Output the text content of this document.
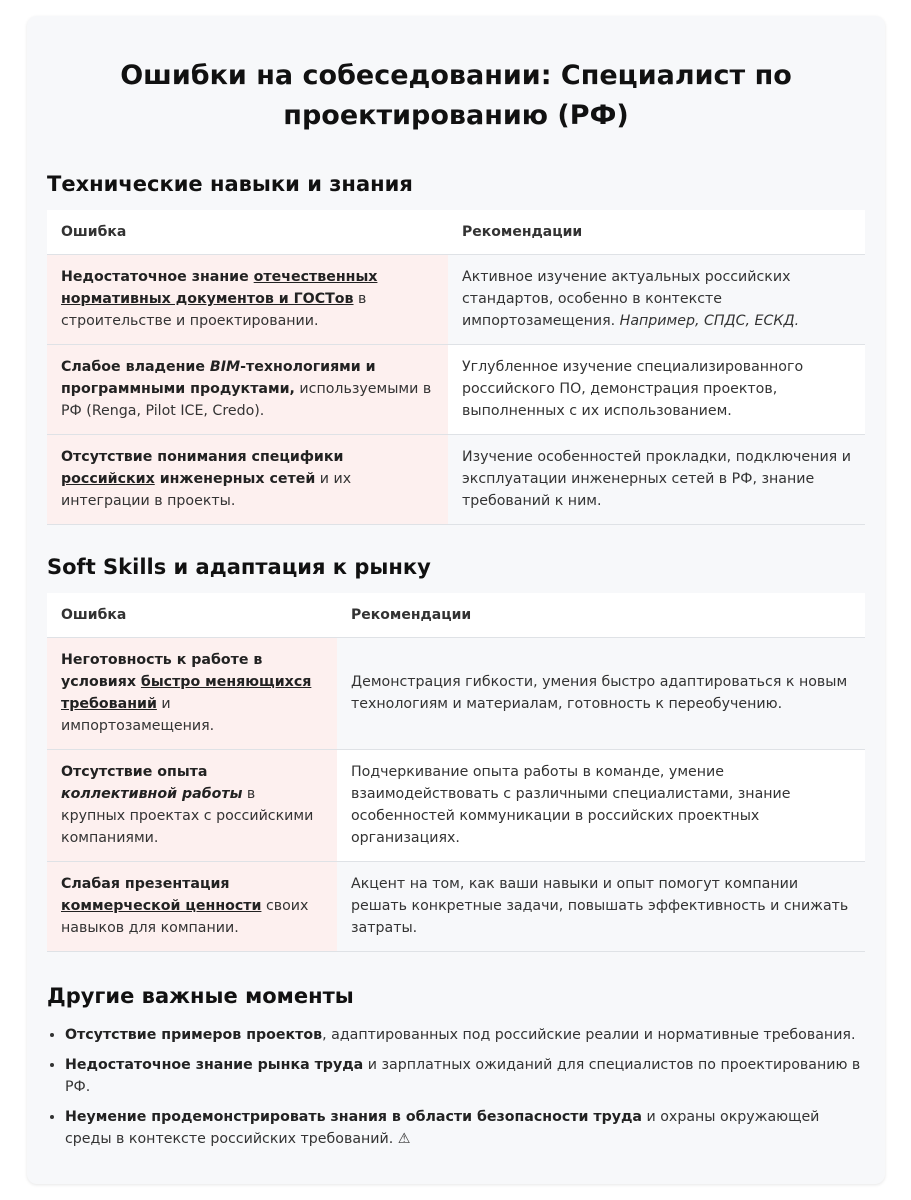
Ошибки на собеседовании: Специалист по проектированию (РФ)
Технические навыки и знания
Ошибка	Рекомендации
Недостаточное знание отечественных нормативных документов и ГОСТов в строительстве и проектировании.	Активное изучение актуальных российских стандартов, особенно в контексте импортозамещения. Например, СПДС, ЕСКД.
Слабое владение BIM-технологиями и программными продуктами, используемыми в РФ (Renga, Pilot ICE, Credo).	Углубленное изучение специализированного российского ПО, демонстрация проектов, выполненных с их использованием.
Отсутствие понимания специфики российских инженерных сетей и их интеграции в проекты.	Изучение особенностей прокладки, подключения и эксплуатации инженерных сетей в РФ, знание требований к ним.
Soft Skills и адаптация к рынку
Ошибка	Рекомендации
Неготовность к работе в условиях быстро меняющихся требований и импортозамещения.	Демонстрация гибкости, умения быстро адаптироваться к новым технологиям и материалам, готовность к переобучению.
Отсутствие опыта коллективной работы в крупных проектах с российскими компаниями.	Подчеркивание опыта работы в команде, умение взаимодействовать с различными специалистами, знание особенностей коммуникации в российских проектных организациях.
Слабая презентация коммерческой ценности своих навыков для компании.	Акцент на том, как ваши навыки и опыт помогут компании решать конкретные задачи, повышать эффективность и снижать затраты.
Другие важные моменты
• Отсутствие примеров проектов, адаптированных под российские реалии и нормативные требования.
• Недостаточное знание рынка труда и зарплатных ожиданий для специалистов по проектированию в РФ.
• Неумение продемонстрировать знания в области безопасности труда и охраны окружающей среды в контексте российских требований. ⚠
